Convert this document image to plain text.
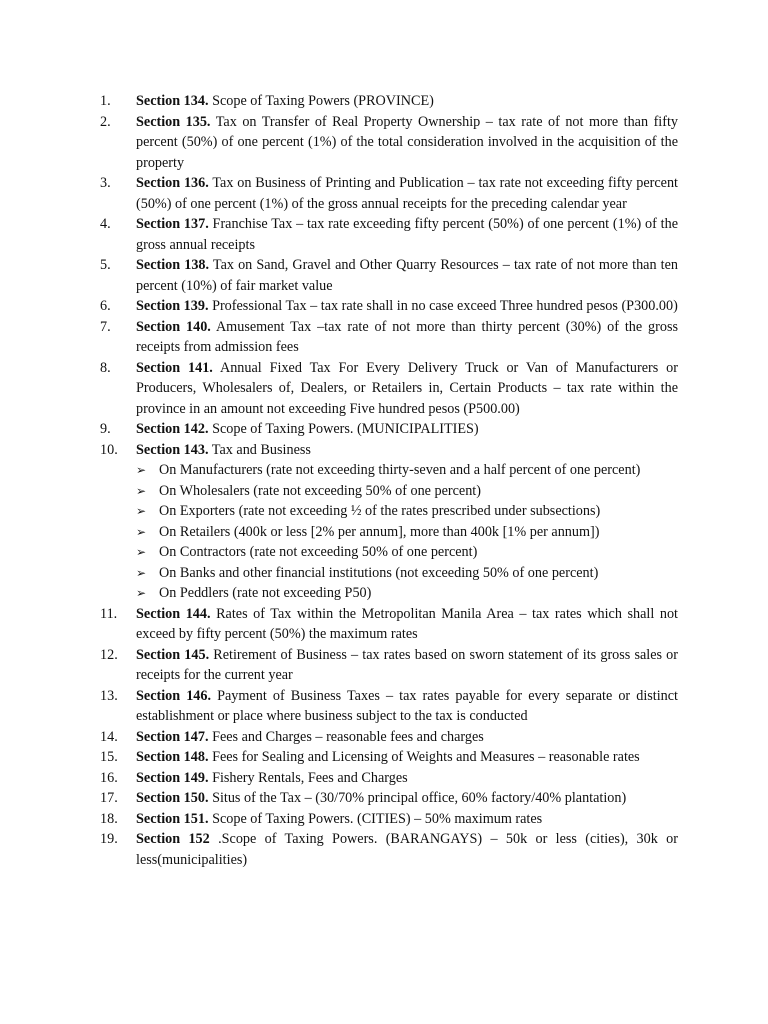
1.	Section 134. Scope of Taxing Powers (PROVINCE)
2.	Section 135. Tax on Transfer of Real Property Ownership – tax rate of not more than fifty percent (50%) of one percent (1%) of the total consideration involved in the acquisition of the property
3.	Section 136. Tax on Business of Printing and Publication – tax rate not exceeding fifty percent (50%) of one percent (1%) of the gross annual receipts for the preceding calendar year
4.	Section 137. Franchise Tax – tax rate exceeding fifty percent (50%) of one percent (1%) of the gross annual receipts
5.	Section 138. Tax on Sand, Gravel and Other Quarry Resources – tax rate of not more than ten percent (10%) of fair market value
6.	Section 139. Professional Tax – tax rate shall in no case exceed Three hundred pesos (P300.00)
7.	Section 140. Amusement Tax –tax rate of not more than thirty percent (30%) of the gross receipts from admission fees
8.	Section 141. Annual Fixed Tax For Every Delivery Truck or Van of Manufacturers or Producers, Wholesalers of, Dealers, or Retailers in, Certain Products – tax rate within the province in an amount not exceeding Five hundred pesos (P500.00)
9.	Section 142. Scope of Taxing Powers. (MUNICIPALITIES)
10.	Section 143. Tax and Business
➢ On Manufacturers (rate not exceeding thirty-seven and a half percent of one percent)
➢ On Wholesalers (rate not exceeding 50% of one percent)
➢ On Exporters (rate not exceeding ½ of the rates prescribed under subsections)
➢ On Retailers (400k or less [2% per annum], more than 400k [1% per annum])
➢ On Contractors (rate not exceeding 50% of one percent)
➢ On Banks and other financial institutions (not exceeding 50% of one percent)
➢ On Peddlers (rate not exceeding P50)
11.	Section 144. Rates of Tax within the Metropolitan Manila Area – tax rates which shall not exceed by fifty percent (50%) the maximum rates
12.	Section 145. Retirement of Business – tax rates based on sworn statement of its gross sales or receipts for the current year
13.	Section 146. Payment of Business Taxes – tax rates payable for every separate or distinct establishment or place where business subject to the tax is conducted
14.	Section 147. Fees and Charges – reasonable fees and charges
15.	Section 148. Fees for Sealing and Licensing of Weights and Measures – reasonable rates
16.	Section 149. Fishery Rentals, Fees and Charges
17.	Section 150. Situs of the Tax – (30/70% principal office, 60% factory/40% plantation)
18.	Section 151. Scope of Taxing Powers. (CITIES) – 50% maximum rates
19.	Section 152 .Scope of Taxing Powers. (BARANGAYS) – 50k or less (cities), 30k or less(municipalities)
